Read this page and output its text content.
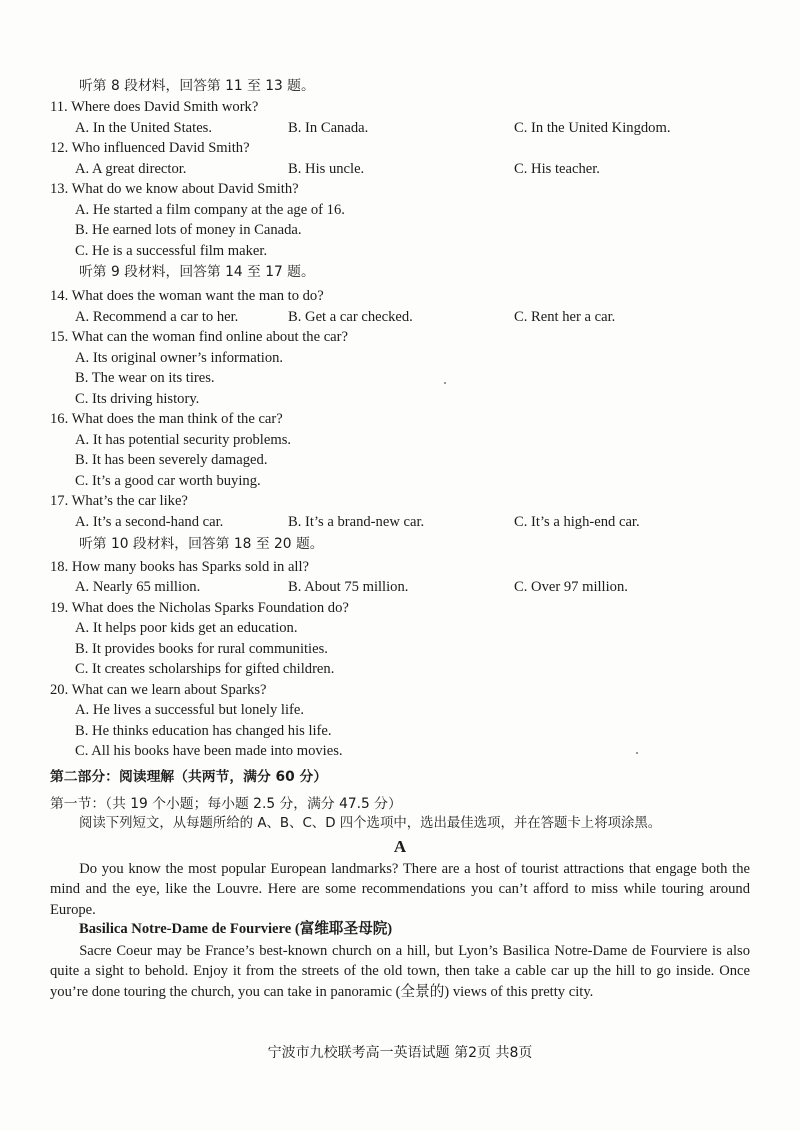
听第 8 段材料，回答第 11 至 13 题。
11. Where does David Smith work?
A. In the United States.	B. In Canada.	C. In the United Kingdom.
12. Who influenced David Smith?
A. A great director.	B. His uncle.	C. His teacher.
13. What do we know about David Smith?
A. He started a film company at the age of 16.
B. He earned lots of money in Canada.
C. He is a successful film maker.
听第 9 段材料，回答第 14 至 17 题。
14. What does the woman want the man to do?
A. Recommend a car to her.	B. Get a car checked.	C. Rent her a car.
15. What can the woman find online about the car?
A. Its original owner’s information.
B. The wear on its tires.
C. Its driving history.
16. What does the man think of the car?
A. It has potential security problems.
B. It has been severely damaged.
C. It’s a good car worth buying.
17. What’s the car like?
A. It’s a second-hand car.	B. It’s a brand-new car.	C. It’s a high-end car.
听第 10 段材料，回答第 18 至 20 题。
18. How many books has Sparks sold in all?
A. Nearly 65 million.	B. About 75 million.	C. Over 97 million.
19. What does the Nicholas Sparks Foundation do?
A. It helps poor kids get an education.
B. It provides books for rural communities.
C. It creates scholarships for gifted children.
20. What can we learn about Sparks?
A. He lives a successful but lonely life.
B. He thinks education has changed his life.
C. All his books have been made into movies.
第二部分：阅读理解（共两节，满分 60 分）
第一节：（共 19 个小题；每小题 2.5 分，满分 47.5 分）
阅读下列短文，从每题所给的 A、B、C、D 四个选项中，选出最佳选项，并在答题卡上将项涂黑。
A
Do you know the most popular European landmarks? There are a host of tourist attractions that engage both the mind and the eye, like the Louvre. Here are some recommendations you can’t afford to miss while touring around Europe.
Basilica Notre-Dame de Fourviere (富维耶圣母院)
Sacre Coeur may be France’s best-known church on a hill, but Lyon’s Basilica Notre-Dame de Fourviere is also quite a sight to behold. Enjoy it from the streets of the old town, then take a cable car up the hill to go inside. Once you’re done touring the church, you can take in panoramic (全景的) views of this pretty city.
宁波市九校联考高一英语试题 第2页 共8页
